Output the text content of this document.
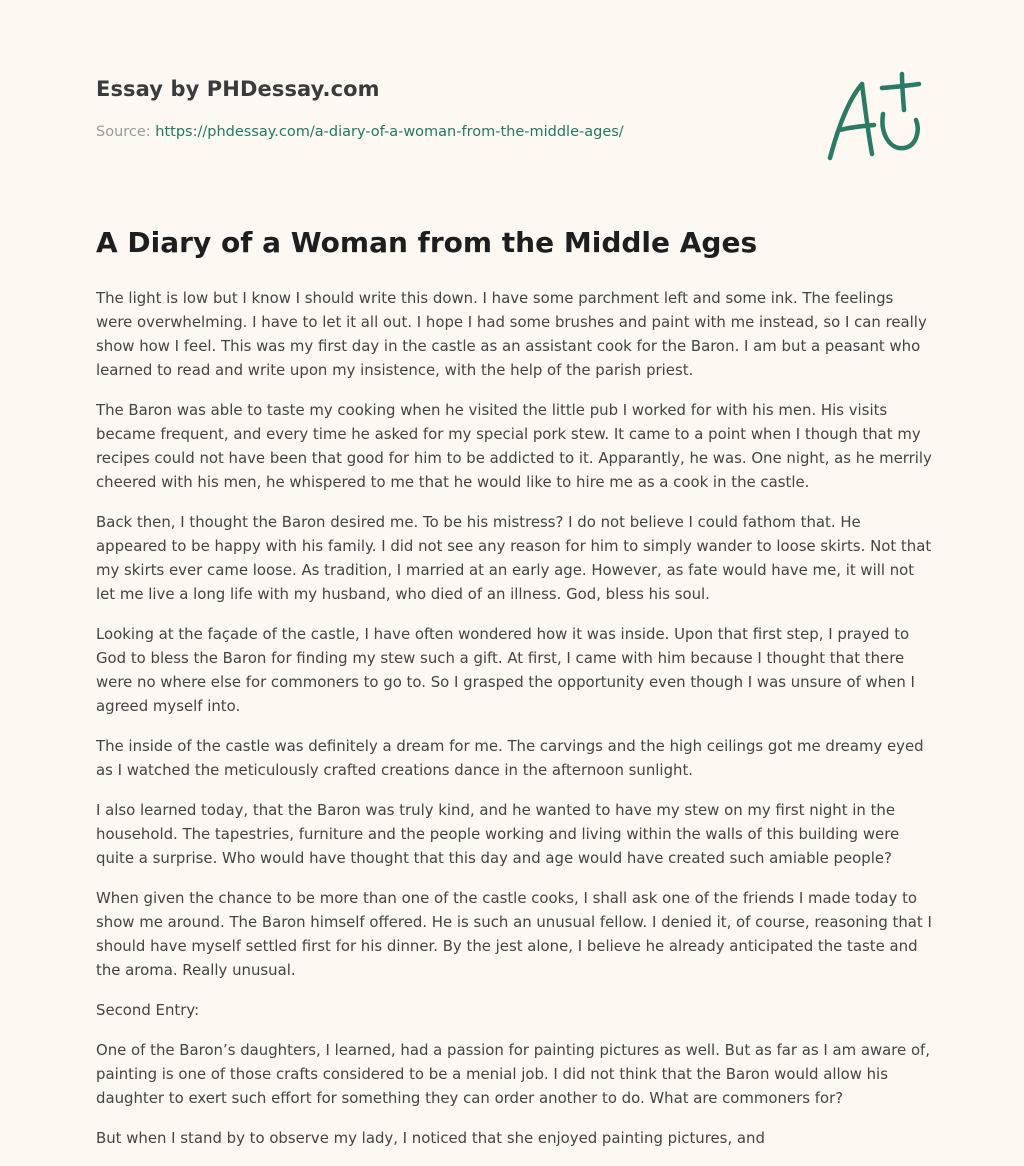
Essay by PHDessay.com
Source: https://phdessay.com/a-diary-of-a-woman-from-the-middle-ages/
A Diary of a Woman from the Middle Ages

The light is low but I know I should write this down. I have some parchment left and some ink. The feelings were overwhelming. I have to let it all out. I hope I had some brushes and paint with me instead, so I can really show how I feel. This was my first day in the castle as an assistant cook for the Baron. I am but a peasant who learned to read and write upon my insistence, with the help of the parish priest.

The Baron was able to taste my cooking when he visited the little pub I worked for with his men. His visits became frequent, and every time he asked for my special pork stew. It came to a point when I though that my recipes could not have been that good for him to be addicted to it. Apparantly, he was. One night, as he merrily cheered with his men, he whispered to me that he would like to hire me as a cook in the castle.

Back then, I thought the Baron desired me. To be his mistress? I do not believe I could fathom that. He appeared to be happy with his family. I did not see any reason for him to simply wander to loose skirts. Not that my skirts ever came loose. As tradition, I married at an early age. However, as fate would have me, it will not let me live a long life with my husband, who died of an illness. God, bless his soul.

Looking at the façade of the castle, I have often wondered how it was inside. Upon that first step, I prayed to God to bless the Baron for finding my stew such a gift. At first, I came with him because I thought that there were no where else for commoners to go to. So I grasped the opportunity even though I was unsure of when I agreed myself into.

The inside of the castle was definitely a dream for me. The carvings and the high ceilings got me dreamy eyed as I watched the meticulously crafted creations dance in the afternoon sunlight.

I also learned today, that the Baron was truly kind, and he wanted to have my stew on my first night in the household. The tapestries, furniture and the people working and living within the walls of this building were quite a surprise. Who would have thought that this day and age would have created such amiable people?

When given the chance to be more than one of the castle cooks, I shall ask one of the friends I made today to show me around. The Baron himself offered. He is such an unusual fellow. I denied it, of course, reasoning that I should have myself settled first for his dinner. By the jest alone, I believe he already anticipated the taste and the aroma. Really unusual.

Second Entry:

One of the Baron’s daughters, I learned, had a passion for painting pictures as well. But as far as I am aware of, painting is one of those crafts considered to be a menial job. I did not think that the Baron would allow his daughter to exert such effort for something they can order another to do. What are commoners for?

But when I stand by to observe my lady, I noticed that she enjoyed painting pictures, and
